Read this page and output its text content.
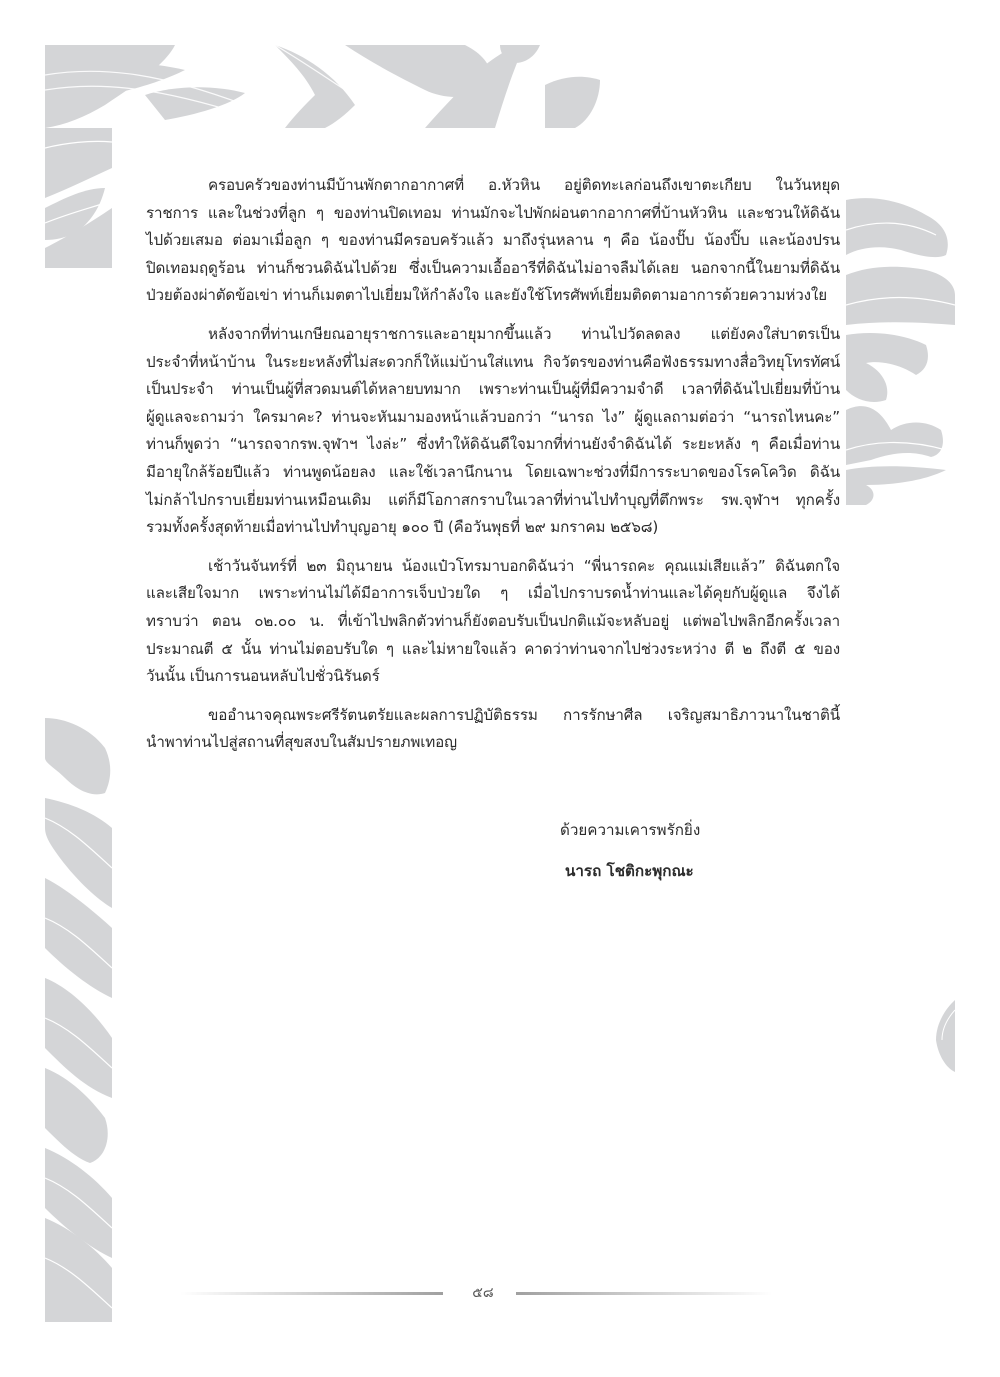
ครอบครัวของท่านมีบ้านพักตากอากาศที่ อ.หัวหิน อยู่ติดทะเลก่อนถึงเขาตะเกียบ ในวันหยุด
ราชการ และในช่วงที่ลูก ๆ ของท่านปิดเทอม ท่านมักจะไปพักผ่อนตากอากาศที่บ้านหัวหิน และชวนให้ดิฉัน
ไปด้วยเสมอ ต่อมาเมื่อลูก ๆ ของท่านมีครอบครัวแล้ว มาถึงรุ่นหลาน ๆ คือ น้องปั๊บ น้องปิ๊บ และน้องปรน
ปิดเทอมฤดูร้อน ท่านก็ชวนดิฉันไปด้วย ซึ่งเป็นความเอื้ออารีที่ดิฉันไม่อาจลืมได้เลย นอกจากนี้ในยามที่ดิฉัน
ป่วยต้องผ่าตัดข้อเข่า ท่านก็เมตตาไปเยี่ยมให้กำลังใจ และยังใช้โทรศัพท์เยี่ยมติดตามอาการด้วยความห่วงใย

หลังจากที่ท่านเกษียณอายุราชการและอายุมากขึ้นแล้ว ท่านไปวัดลดลง แต่ยังคงใส่บาตรเป็น
ประจำที่หน้าบ้าน ในระยะหลังที่ไม่สะดวกก็ให้แม่บ้านใส่แทน กิจวัตรของท่านคือฟังธรรมทางสื่อวิทยุโทรทัศน์
เป็นประจำ ท่านเป็นผู้ที่สวดมนต์ได้หลายบทมาก เพราะท่านเป็นผู้ที่มีความจำดี เวลาที่ดิฉันไปเยี่ยมที่บ้าน
ผู้ดูแลจะถามว่า ใครมาคะ? ท่านจะหันมามองหน้าแล้วบอกว่า “นารถ ไง” ผู้ดูแลถามต่อว่า “นารถไหนคะ”
ท่านก็พูดว่า “นารถจากรพ.จุฬาฯ ไงล่ะ” ซึ่งทำให้ดิฉันดีใจมากที่ท่านยังจำดิฉันได้ ระยะหลัง ๆ คือเมื่อท่าน
มีอายุใกล้ร้อยปีแล้ว ท่านพูดน้อยลง และใช้เวลานึกนาน โดยเฉพาะช่วงที่มีการระบาดของโรคโควิด ดิฉัน
ไม่กล้าไปกราบเยี่ยมท่านเหมือนเดิม แต่ก็มีโอกาสกราบในเวลาที่ท่านไปทำบุญที่ตึกพระ รพ.จุฬาฯ ทุกครั้ง
รวมทั้งครั้งสุดท้ายเมื่อท่านไปทำบุญอายุ ๑๐๐ ปี (คือวันพุธที่ ๒๙ มกราคม ๒๕๖๘)

เช้าวันจันทร์ที่ ๒๓ มิถุนายน น้องแป๋วโทรมาบอกดิฉันว่า “พี่นารถคะ คุณแม่เสียแล้ว” ดิฉันตกใจ
และเสียใจมาก เพราะท่านไม่ได้มีอาการเจ็บป่วยใด ๆ เมื่อไปกราบรดน้ำท่านและได้คุยกับผู้ดูแล จึงได้
ทราบว่า ตอน ๐๒.๐๐ น. ที่เข้าไปพลิกตัวท่านก็ยังตอบรับเป็นปกติแม้จะหลับอยู่ แต่พอไปพลิกอีกครั้งเวลา
ประมาณตี ๕ นั้น ท่านไม่ตอบรับใด ๆ และไม่หายใจแล้ว คาดว่าท่านจากไปช่วงระหว่าง ตี ๒ ถึงตี ๕ ของ
วันนั้น เป็นการนอนหลับไปชั่วนิรันดร์

ขออำนาจคุณพระศรีรัตนตรัยและผลการปฏิบัติธรรม การรักษาศีล เจริญสมาธิภาวนาในชาตินี้
นำพาท่านไปสู่สถานที่สุขสงบในสัมปรายภพเทอญ

ด้วยความเคารพรักยิ่ง
นารถ โชติกะพุกณะ
๕๘
